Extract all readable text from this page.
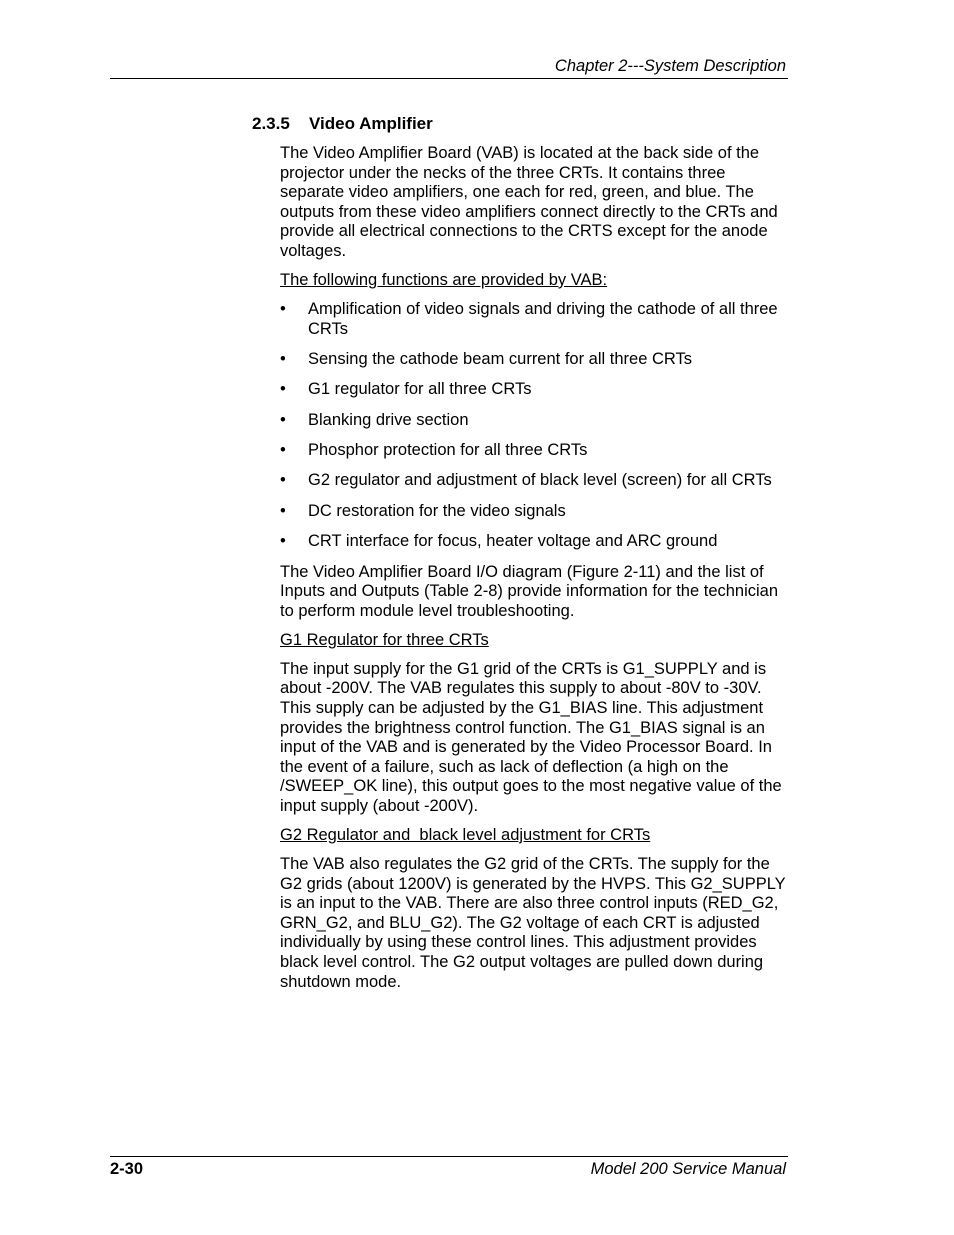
Chapter 2---System Description
2.3.5 Video Amplifier

The Video Amplifier Board (VAB) is located at the back side of the projector under the necks of the three CRTs. It contains three separate video amplifiers, one each for red, green, and blue. The outputs from these video amplifiers connect directly to the CRTs and provide all electrical connections to the CRTS except for the anode voltages.

The following functions are provided by VAB:

• Amplification of video signals and driving the cathode of all three CRTs
• Sensing the cathode beam current for all three CRTs
• G1 regulator for all three CRTs
• Blanking drive section
• Phosphor protection for all three CRTs
• G2 regulator and adjustment of black level (screen) for all CRTs
• DC restoration for the video signals
• CRT interface for focus, heater voltage and ARC ground

The Video Amplifier Board I/O diagram (Figure 2-11) and the list of Inputs and Outputs (Table 2-8) provide information for the technician to perform module level troubleshooting.

G1 Regulator for three CRTs

The input supply for the G1 grid of the CRTs is G1_SUPPLY and is about -200V. The VAB regulates this supply to about -80V to -30V. This supply can be adjusted by the G1_BIAS line. This adjustment provides the brightness control function. The G1_BIAS signal is an input of the VAB and is generated by the Video Processor Board. In the event of a failure, such as lack of deflection (a high on the /SWEEP_OK line), this output goes to the most negative value of the input supply (about -200V).

G2 Regulator and  black level adjustment for CRTs

The VAB also regulates the G2 grid of the CRTs. The supply for the G2 grids (about 1200V) is generated by the HVPS. This G2_SUPPLY is an input to the VAB. There are also three control inputs (RED_G2, GRN_G2, and BLU_G2). The G2 voltage of each CRT is adjusted individually by using these control lines. This adjustment provides black level control. The G2 output voltages are pulled down during shutdown mode.

2-30	Model 200 Service Manual
